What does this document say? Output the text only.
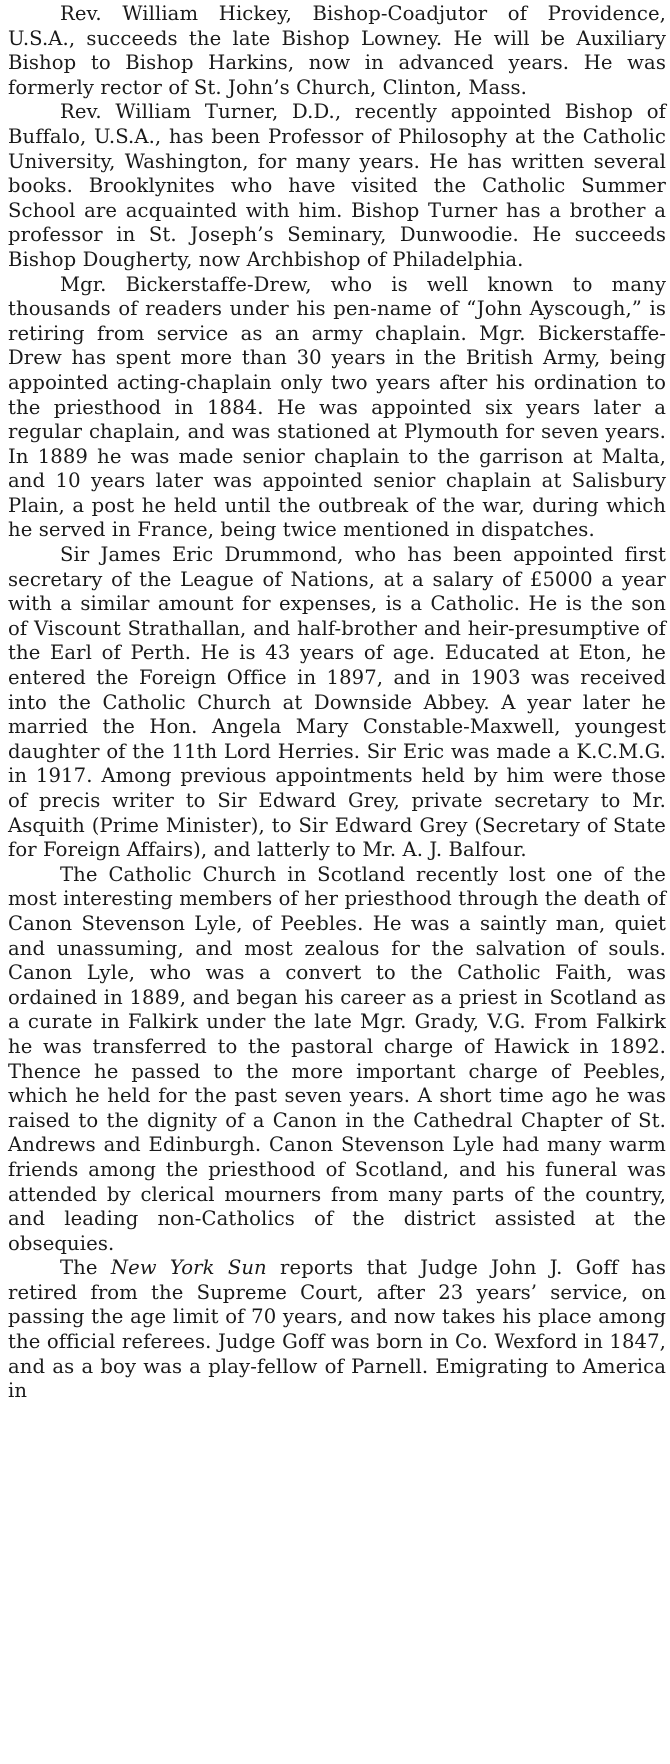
Rev. William Hickey, Bishop-Coadjutor of Providence, U.S.A., succeeds the late Bishop Lowney. He will be Auxiliary Bishop to Bishop Harkins, now in advanced years. He was formerly rector of St. John’s Church, Clinton, Mass.

Rev. William Turner, D.D., recently appointed Bishop of Buffalo, U.S.A., has been Professor of Philosophy at the Catholic University, Washington, for many years. He has written several books. Brooklynites who have visited the Catholic Summer School are acquainted with him. Bishop Turner has a brother a professor in St. Joseph’s Seminary, Dunwoodie. He succeeds Bishop Dougherty, now Archbishop of Philadelphia.

Mgr. Bickerstaffe-Drew, who is well known to many thousands of readers under his pen-name of “John Ayscough,” is retiring from service as an army chaplain. Mgr. Bickerstaffe-Drew has spent more than 30 years in the British Army, being appointed acting-chaplain only two years after his ordination to the priesthood in 1884. He was appointed six years later a regular chaplain, and was stationed at Plymouth for seven years. In 1889 he was made senior chaplain to the garrison at Malta, and 10 years later was appointed senior chaplain at Salisbury Plain, a post he held until the outbreak of the war, during which he served in France, being twice mentioned in dispatches.

Sir James Eric Drummond, who has been appointed first secretary of the League of Nations, at a salary of £5000 a year with a similar amount for expenses, is a Catholic. He is the son of Viscount Strathallan, and half-brother and heir-presumptive of the Earl of Perth. He is 43 years of age. Educated at Eton, he entered the Foreign Office in 1897, and in 1903 was received into the Catholic Church at Downside Abbey. A year later he married the Hon. Angela Mary Constable-Maxwell, youngest daughter of the 11th Lord Herries. Sir Eric was made a K.C.M.G. in 1917. Among previous appointments held by him were those of precis writer to Sir Edward Grey, private secretary to Mr. Asquith (Prime Minister), to Sir Edward Grey (Secretary of State for Foreign Affairs), and latterly to Mr. A. J. Balfour.

The Catholic Church in Scotland recently lost one of the most interesting members of her priesthood through the death of Canon Stevenson Lyle, of Peebles. He was a saintly man, quiet and unassuming, and most zealous for the salvation of souls. Canon Lyle, who was a convert to the Catholic Faith, was ordained in 1889, and began his career as a priest in Scotland as a curate in Falkirk under the late Mgr. Grady, V.G. From Falkirk he was transferred to the pastoral charge of Hawick in 1892. Thence he passed to the more important charge of Peebles, which he held for the past seven years. A short time ago he was raised to the dignity of a Canon in the Cathedral Chapter of St. Andrews and Edinburgh. Canon Stevenson Lyle had many warm friends among the priesthood of Scotland, and his funeral was attended by clerical mourners from many parts of the country, and leading non-Catholics of the district assisted at the obsequies.

The New York Sun reports that Judge John J. Goff has retired from the Supreme Court, after 23 years’ service, on passing the age limit of 70 years, and now takes his place among the official referees. Judge Goff was born in Co. Wexford in 1847, and as a boy was a play-fellow of Parnell. Emigrating to America in
